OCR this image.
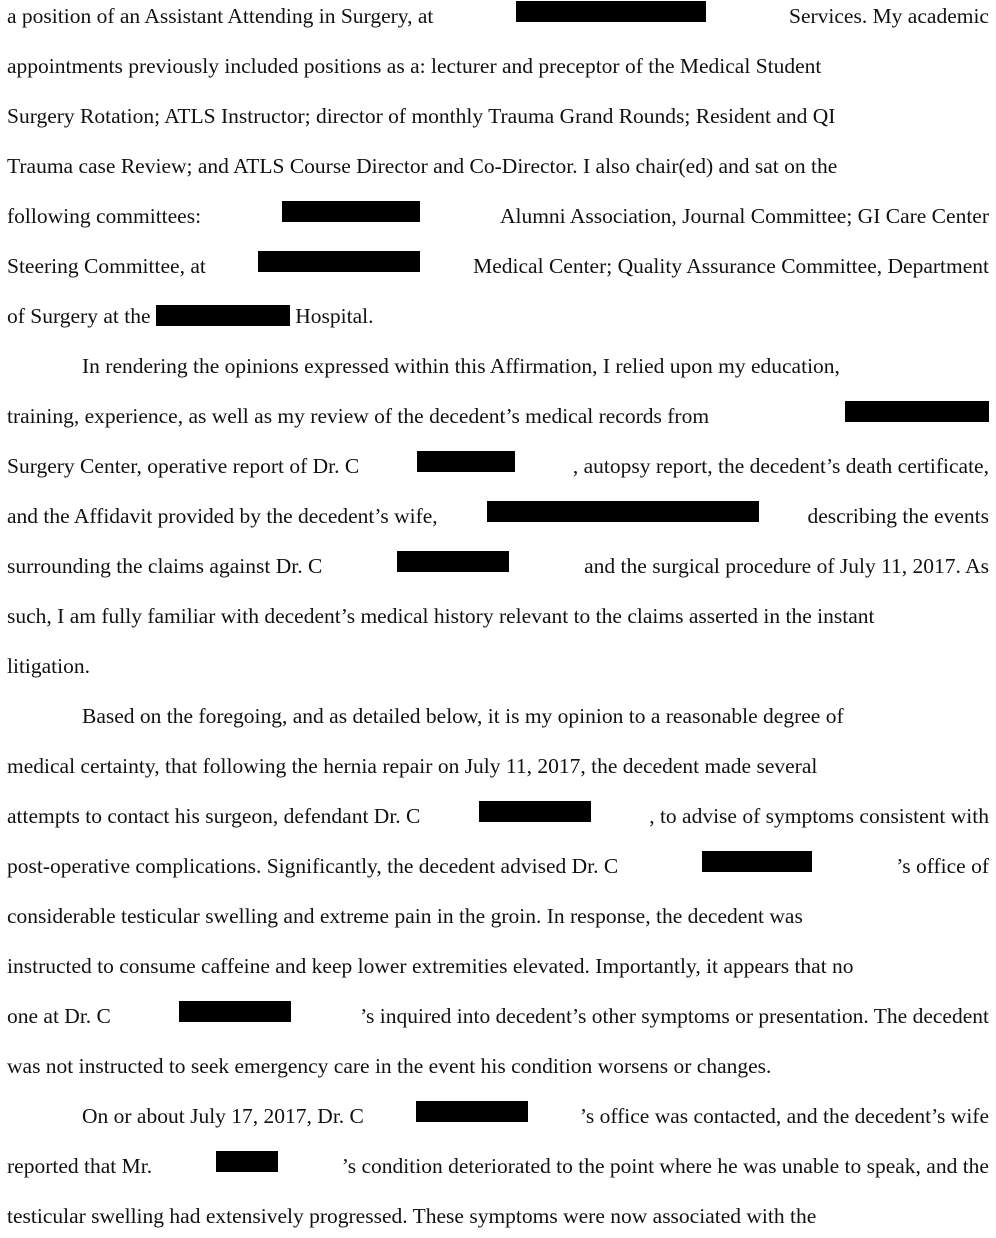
a position of an Assistant Attending in Surgery, at	Services. My academic
appointments previously included positions as a: lecturer and preceptor of the Medical Student
Surgery Rotation; ATLS Instructor; director of monthly Trauma Grand Rounds; Resident and QI
Trauma case Review; and ATLS Course Director and Co-Director. I also chair(ed) and sat on the
following committees:	Alumni Association, Journal Committee; GI Care Center
Steering Committee, at	Medical Center; Quality Assurance Committee, Department
of Surgery at the	Hospital.
In rendering the opinions expressed within this Affirmation, I relied upon my education,
training, experience, as well as my review of the decedent’s medical records from
Surgery Center, operative report of Dr. C	, autopsy report, the decedent’s death certificate,
and the Affidavit provided by the decedent’s wife,	describing the events
surrounding the claims against Dr. C	and the surgical procedure of July 11, 2017. As
such, I am fully familiar with decedent’s medical history relevant to the claims asserted in the instant
litigation.
Based on the foregoing, and as detailed below, it is my opinion to a reasonable degree of
medical certainty, that following the hernia repair on July 11, 2017, the decedent made several
attempts to contact his surgeon, defendant Dr. C	, to advise of symptoms consistent with
post-operative complications. Significantly, the decedent advised Dr. C	’s office of
considerable testicular swelling and extreme pain in the groin. In response, the decedent was
instructed to consume caffeine and keep lower extremities elevated. Importantly, it appears that no
one at Dr. C	’s inquired into decedent’s other symptoms or presentation. The decedent
was not instructed to seek emergency care in the event his condition worsens or changes.
On or about July 17, 2017, Dr. C	’s office was contacted, and the decedent’s wife
reported that Mr.	’s condition deteriorated to the point where he was unable to speak, and the
testicular swelling had extensively progressed. These symptoms were now associated with the
